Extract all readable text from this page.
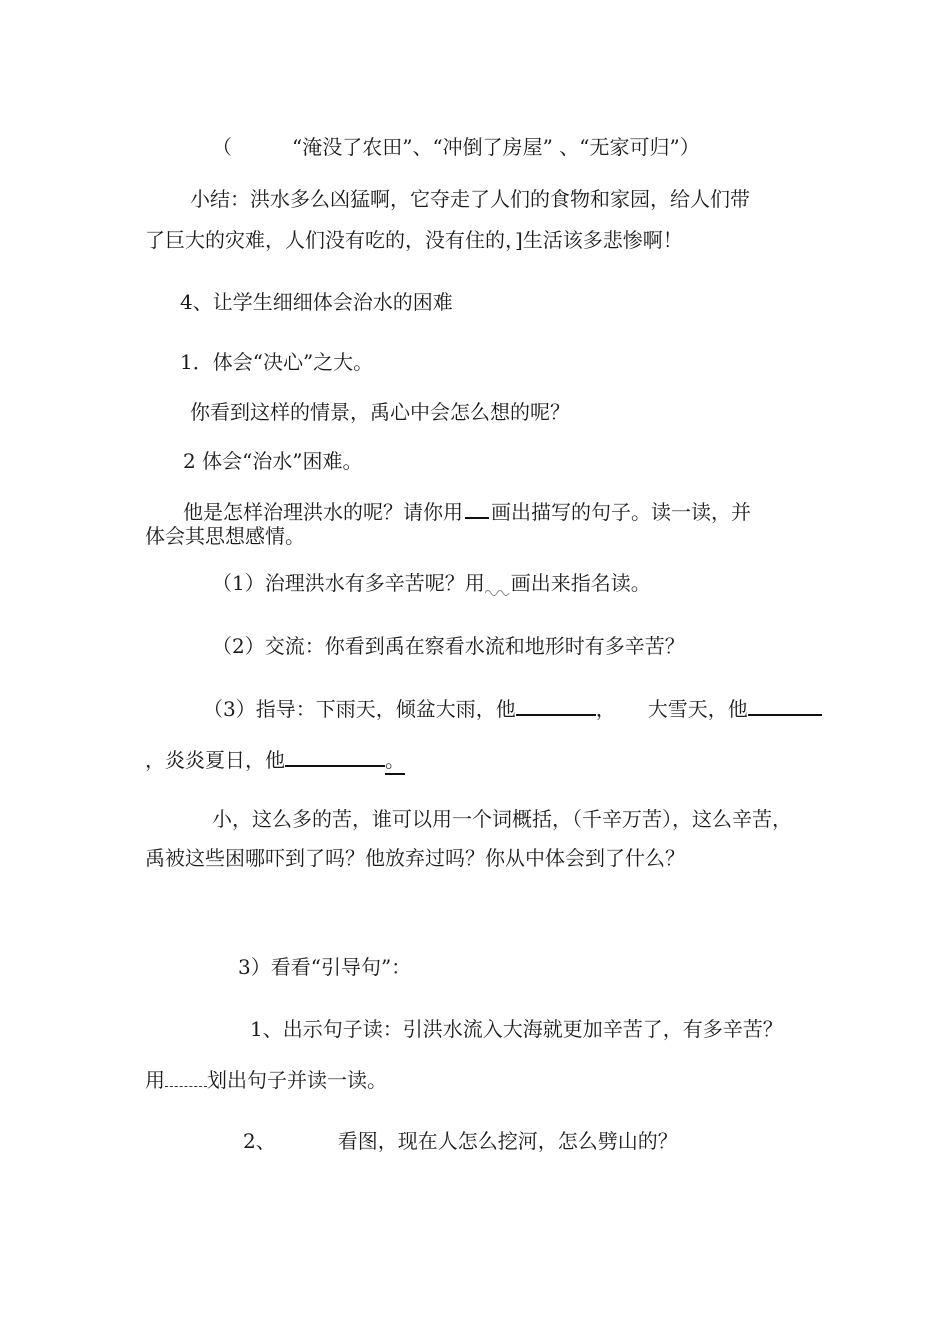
（	“淹没了农田”、“冲倒了房屋” 、“无家可归”）
小结：洪水多么凶猛啊，它夺走了人们的食物和家园，给人们带
了巨大的灾难，人们没有吃的，没有住的，]生活该多悲惨啊！
4、让学生细细体会治水的困难
1．体会“决心”之大。
你看到这样的情景，禹心中会怎么想的呢？
2 体会“治水”困难。
他是怎样治理洪水的呢？请你用 画出描写的句子。读一读，并
体会其思想感情。
（1）治理洪水有多辛苦呢？用 画出来指名读。
（2）交流：你看到禹在察看水流和地形时有多辛苦？
（3）指导：下雨天，倾盆大雨，他	， 大雪天，他
，炎炎夏日，他	。
小，这么多的苦，谁可以用一个词概括，（千辛万苦），这么辛苦，
禹被这些困哪吓到了吗？他放弃过吗？你从中体会到了什么？
3）看看“引导句”：
1、出示句子读：引洪水流入大海就更加辛苦了，有多辛苦？
用 划出句子并读一读。
2、	看图，现在人怎么挖河，怎么劈山的？
